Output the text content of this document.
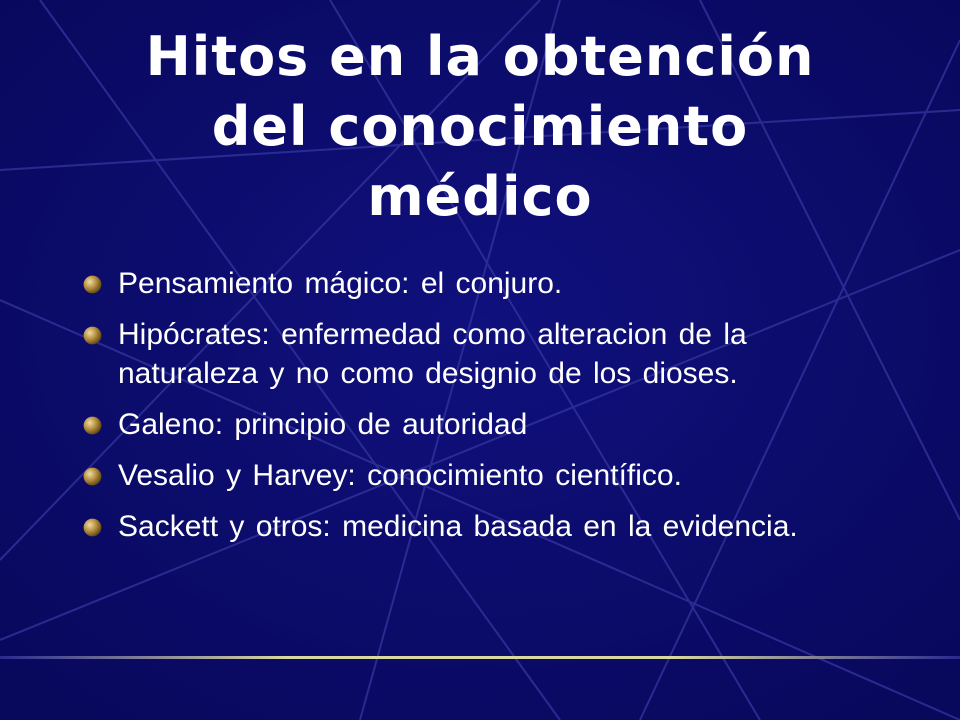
Hitos en la obtención
del conocimiento
médico
Pensamiento mágico: el conjuro.
Hipócrates: enfermedad como alteracion de la naturaleza y no como designio de los dioses.
Galeno: principio de autoridad
Vesalio y Harvey: conocimiento científico.
Sackett y otros: medicina basada en la evidencia.
